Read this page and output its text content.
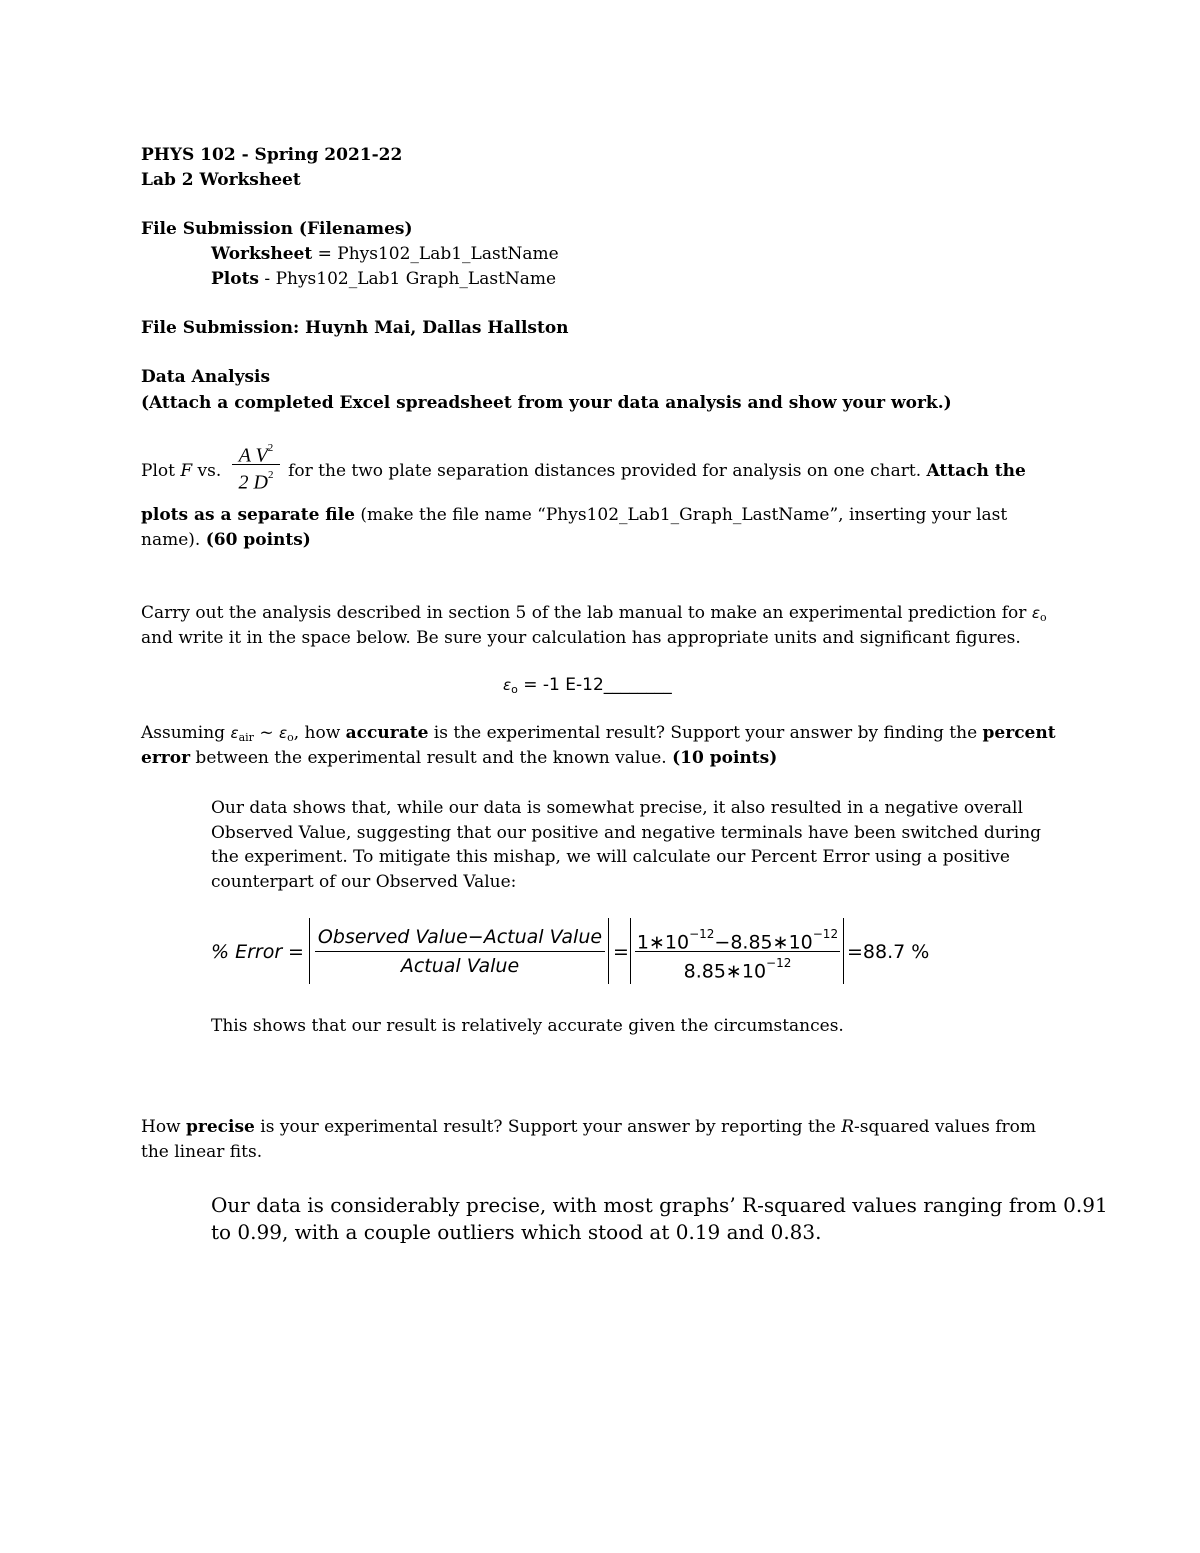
PHYS 102 - Spring 2021-22
Lab 2 Worksheet
File Submission (Filenames)
Worksheet = Phys102_Lab1_LastName
Plots - Phys102_Lab1 Graph_LastName
File Submission: Huynh Mai, Dallas Hallston
Data Analysis
(Attach a completed Excel spreadsheet from your data analysis and show your work.)
Plot F vs.	for the two plate separation distances provided for analysis on one chart. Attach the
A $V^2$
2 $D^2$
plots as a separate file (make the file name “Phys102_Lab1_Graph_LastName”, inserting your last
name). (60 points)
Carry out the analysis described in section 5 of the lab manual to make an experimental prediction for εo
and write it in the space below. Be sure your calculation has appropriate units and significant figures.
εo = -1 E-12________
Assuming εair ~ εo, how accurate is the experimental result? Support your answer by finding the percent
error between the experimental result and the known value. (10 points)
Our data shows that, while our data is somewhat precise, it also resulted in a negative overall
Observed Value, suggesting that our positive and negative terminals have been switched during
the experiment. To mitigate this mishap, we will calculate our Percent Error using a positive
counterpart of our Observed Value:
% Error =
Observed Value−Actual Value
Actual Value
= $1∗10^{-12}-8.85∗10^{-12}$
$8.85∗10^{-12}$	=88.7 %
This shows that our result is relatively accurate given the circumstances.
How precise is your experimental result? Support your answer by reporting the R-squared values from
the linear fits.
Our data is considerably precise, with most graphs’ R-squared values ranging from 0.91
to 0.99, with a couple outliers which stood at 0.19 and 0.83.
